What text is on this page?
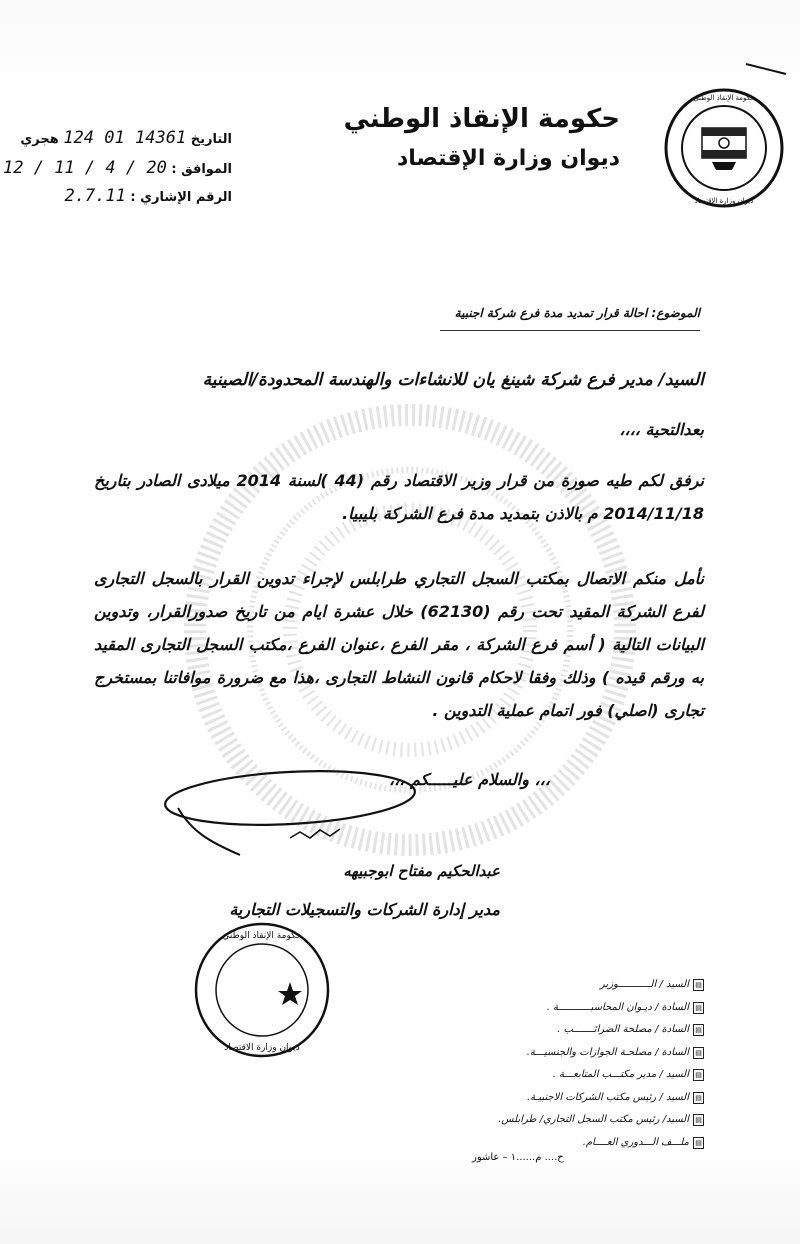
حكومة الإنقاذ الوطني
ديوان وزارة الاقتصاد
حكومة الإنقاذ الوطني
ديوان وزارة الاقتصاد
حكومة الإنقاذ الوطني
ديوان وزارة الإقتصاد
التاريخ 14361 01 124 هجري
الموافق : 20 / 4 / 11 / 12
الرقم الإشاري : 2.7.11
الموضوع: احالة قرار تمديد مدة فرع شركة اجنبية
السيد/ مدير فرع شركة شينغ يان للانشاءات والهندسة المحدودة/الصينية
بعدالتحية ،،،،
نرفق لكم طيه صورة من قرار وزير الاقتصاد رقم (44 )لسنة 2014 ميلادى الصادر بتاريخ 2014/11/18 م بالاذن بتمديد مدة فرع الشركة بليبيا.
نأمل منكم الاتصال بمكتب السجل التجاري طرابلس لإجراء تدوين القرار بالسجل التجارى لفرع الشركة المقيد تحت رقم (62130) خلال عشرة ايام من تاريخ صدورالقرار، وتدوين البيانات التالية ( أسم فرع الشركة ، مقر الفرع ،عنوان الفرع ،مكتب السجل التجارى المقيد به ورقم قيده ) وذلك وفقا لاحكام قانون النشاط التجارى ،هذا مع ضرورة موافاتنا بمستخرج تجارى (اصلي) فور اتمام عملية التدوين .
،،، والسلام عليـــــكم ،،،
عبدالحكيم مفتاح ابوجبيهه
مدير إدارة الشركات والتسجيلات التجارية
▤
السيد / الـــــــــــوزير
▤
السادة / ديـوان المحاسبـــــــــــة .
▤
السادة / مصلحة الضرائـــــــب .
▤
السادة / مصلحـة الجوازات والجنسيـــة.
▤
السيد / مدير مكتـــب المتابعـــة .
▤
السيد / رئيس مكتب الشركات الاجنبيـة.
▤
السيد/ رئيس مكتب السجل التجاري/ طرابلس.
▤
ملـــف الـــدوري العــــام.
ح.... م......١ – عاشور
